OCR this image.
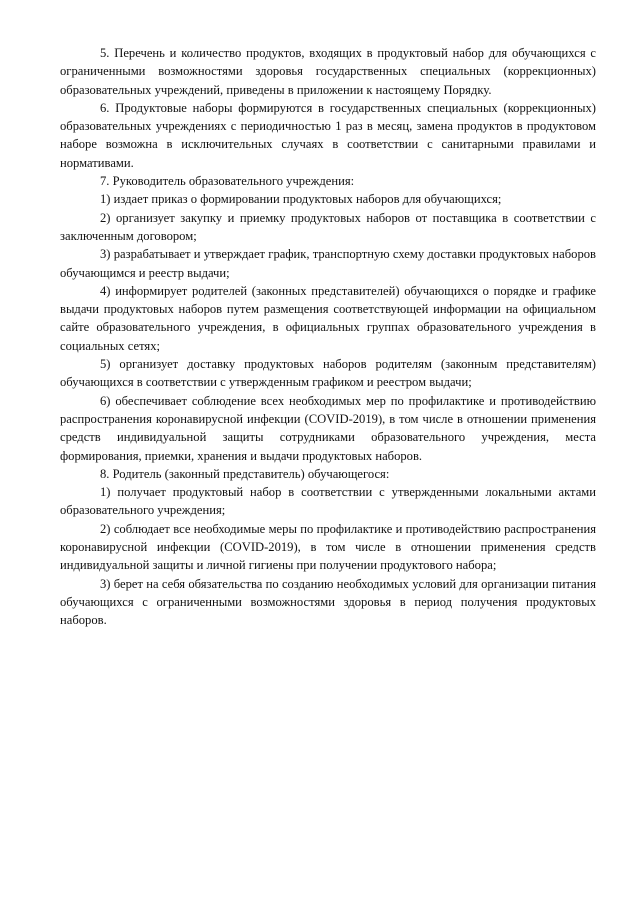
5. Перечень и количество продуктов, входящих в продуктовый набор для обучающихся с ограниченными возможностями здоровья государственных специальных (коррекционных) образовательных учреждений, приведены в приложении к настоящему Порядку.

6. Продуктовые наборы формируются в государственных специальных (коррекционных) образовательных учреждениях с периодичностью 1 раз в месяц, замена продуктов в продуктовом наборе возможна в исключительных случаях в соответствии с санитарными правилами и нормативами.

7. Руководитель образовательного учреждения:

1) издает приказ о формировании продуктовых наборов для обучающихся;

2) организует закупку и приемку продуктовых наборов от поставщика в соответствии с заключенным договором;

3) разрабатывает и утверждает график, транспортную схему доставки продуктовых наборов обучающимся и реестр выдачи;

4) информирует родителей (законных представителей) обучающихся о порядке и графике выдачи продуктовых наборов путем размещения соответствующей информации на официальном сайте образовательного учреждения, в официальных группах образовательного учреждения в социальных сетях;

5) организует доставку продуктовых наборов родителям (законным представителям) обучающихся в соответствии с утвержденным графиком и реестром выдачи;

6) обеспечивает соблюдение всех необходимых мер по профилактике и противодействию распространения коронавирусной инфекции (COVID-2019), в том числе в отношении применения средств индивидуальной защиты сотрудниками образовательного учреждения, места формирования, приемки, хранения и выдачи продуктовых наборов.

8. Родитель (законный представитель) обучающегося:

1) получает продуктовый набор в соответствии с утвержденными локальными актами образовательного учреждения;

2) соблюдает все необходимые меры по профилактике и противодействию распространения коронавирусной инфекции (COVID-2019), в том числе в отношении применения средств индивидуальной защиты и личной гигиены при получении продуктового набора;

3) берет на себя обязательства по созданию необходимых условий для организации питания обучающихся с ограниченными возможностями здоровья в период получения продуктовых наборов.
